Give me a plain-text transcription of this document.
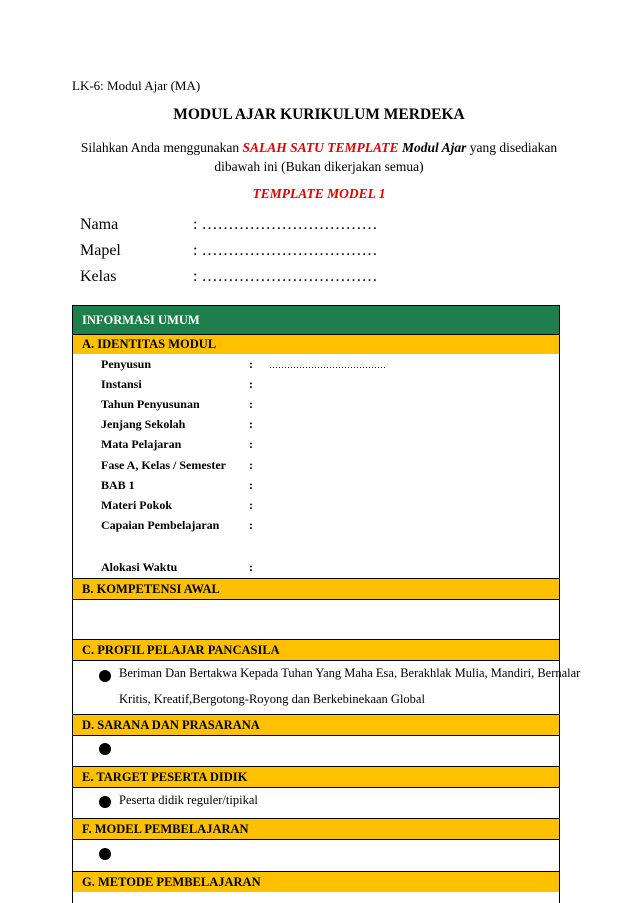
LK-6: Modul Ajar (MA)
MODUL AJAR KURIKULUM MERDEKA
Silahkan Anda menggunakan SALAH SATU TEMPLATE Modul Ajar yang disediakan dibawah ini (Bukan dikerjakan semua)
TEMPLATE MODEL 1
Nama	: ……………………………
Mapel	: ……………………………
Kelas	: ……………………………
INFORMASI UMUM
A. IDENTITAS MODUL
Penyusun	: …………………………………
Instansi	:
Tahun Penyusunan	:
Jenjang Sekolah	:
Mata Pelajaran	:
Fase A, Kelas / Semester :
BAB 1	:
Materi Pokok	:
Capaian Pembelajaran :
Alokasi Waktu	:
B. KOMPETENSI AWAL
C. PROFIL PELAJAR PANCASILA
Beriman Dan Bertakwa Kepada Tuhan Yang Maha Esa, Berakhlak Mulia, Mandiri, Bernalar
Kritis, Kreatif,Bergotong-Royong dan Berkebinekaan Global
D. SARANA DAN PRASARANA
E. TARGET PESERTA DIDIK
Peserta didik reguler/tipikal
F. MODEL PEMBELAJARAN
G. METODE PEMBELAJARAN
